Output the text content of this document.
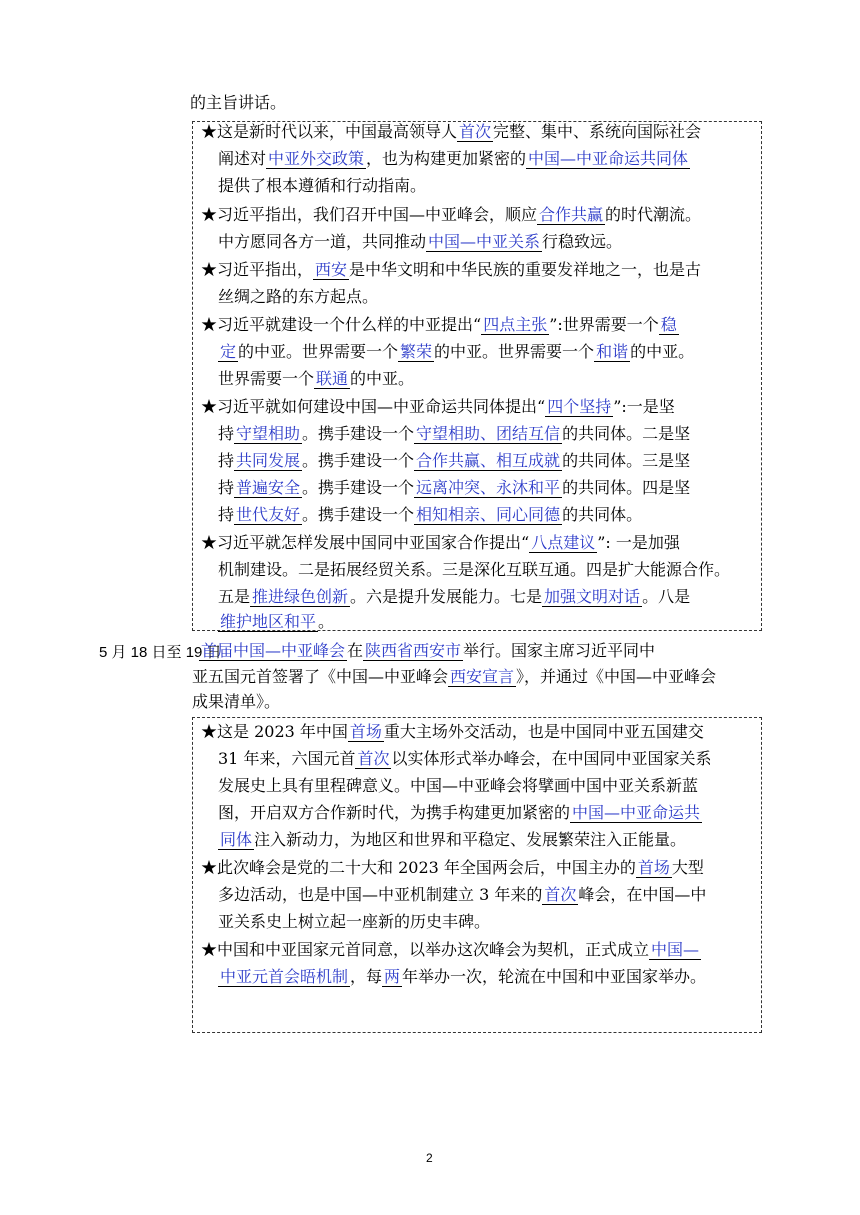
的主旨讲话。
★这是新时代以来，中国最高领导人 首次 完整、集中、系统向国际社会
阐述对 中亚外交政策 ，也为构建更加紧密的 中国—中亚命运共同体
提供了根本遵循和行动指南。
★习近平指出，我们召开中国—中亚峰会，顺应 合作共赢 的时代潮流。
中方愿同各方一道，共同推动 中国—中亚关系 行稳致远。
★习近平指出， 西安 是中华文明和中华民族的重要发祥地之一，也是古
丝绸之路的东方起点。
★习近平就建设一个什么样的中亚提出“ 四点主张 ”:世界需要一个 稳
定 的中亚。世界需要一个 繁荣 的中亚。世界需要一个 和谐 的中亚。
世界需要一个 联通 的中亚。
★习近平就如何建设中国—中亚命运共同体提出“ 四个坚持 ”:一是坚
持 守望相助 。携手建设一个 守望相助、团结互信 的共同体。二是坚
持 共同发展 。携手建设一个 合作共赢、相互成就 的共同体。三是坚
持 普遍安全 。携手建设一个 远离冲突、永沐和平 的共同体。四是坚
持 世代友好 。携手建设一个 相知相亲、同心同德 的共同体。
★习近平就怎样发展中国同中亚国家合作提出“ 八点建议 ”: 一是加强
机制建设。二是拓展经贸关系。三是深化互联互通。四是扩大能源合作。
五是 推进绿色创新 。六是提升发展能力。七是 加强文明对话 。八是
维护地区和平 。
5 月 18 日至 19 日
首届中国—中亚峰会 在 陕西省西安市 举行。国家主席习近平同中
亚五国元首签署了《中国—中亚峰会 西安宣言 》，并通过《中国—中亚峰会
成果清单》。
★这是 2023 年中国 首场 重大主场外交活动，也是中国同中亚五国建交
31 年来，六国元首 首次 以实体形式举办峰会，在中国同中亚国家关系
发展史上具有里程碑意义。中国—中亚峰会将擘画中国中亚关系新蓝
图，开启双方合作新时代，为携手构建更加紧密的 中国—中亚命运共
同体 注入新动力，为地区和世界和平稳定、发展繁荣注入正能量。
★此次峰会是党的二十大和 2023 年全国两会后，中国主办的 首场 大型
多边活动，也是中国—中亚机制建立 3 年来的 首次 峰会，在中国—中
亚关系史上树立起一座新的历史丰碑。
★中国和中亚国家元首同意，以举办这次峰会为契机，正式成立 中国—
中亚元首会晤机制 ，每 两 年举办一次，轮流在中国和中亚国家举办。
2
